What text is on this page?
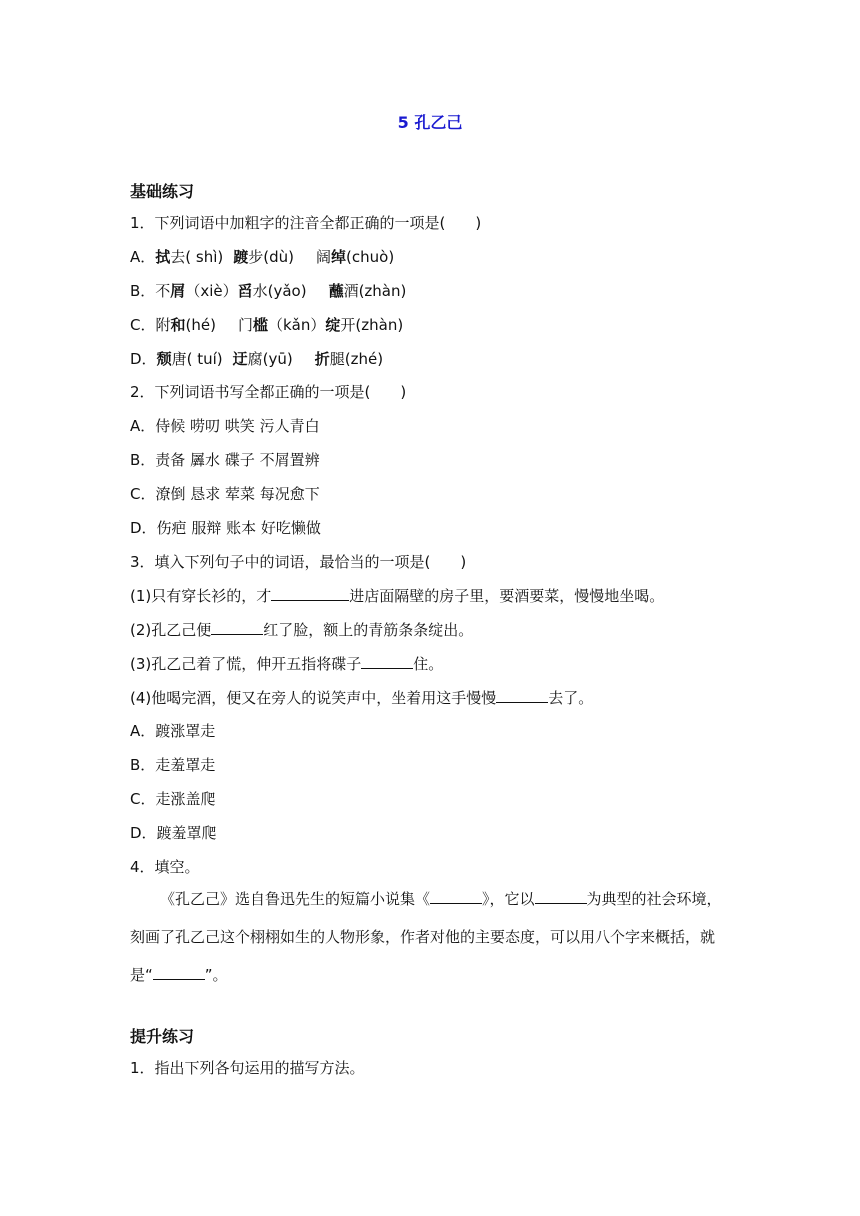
5 孔乙己
基础练习
1．下列词语中加粗字的注音全都正确的一项是(　　)
A．拭去( shì) 踱步(dù) 阔绰(chuò)
B．不屑（xiè）舀水(yǎo) 蘸酒(zhàn)
C．附和(hé) 门槛（kǎn）绽开(zhàn)
D．颓唐( tuí) 迂腐(yū) 折腿(zhé)
2．下列词语书写全都正确的一项是(　　)
A．侍候 唠叨 哄笑 污人青白
B．责备 羼水 碟子 不屑置辨
C．潦倒 恳求 荤菜 每况愈下
D．伤疤 服辩 账本 好吃懒做
3．填入下列句子中的词语，最恰当的一项是(　　)
(1)只有穿长衫的，才	进店面隔壁的房子里，要酒要菜，慢慢地坐喝。
(2)孔乙己便	红了脸，额上的青筋条条绽出。
(3)孔乙己着了慌，伸开五指将碟子	住。
(4)他喝完酒，便又在旁人的说笑声中，坐着用这手慢慢	去了。
A．踱涨罩走
B．走羞罩走
C．走涨盖爬
D．踱羞罩爬
4．填空。
《孔乙己》选自鲁迅先生的短篇小说集《	》，它以	为典型的社会环境，刻画了孔乙己这个栩栩如生的人物形象，作者对他的主要态度，可以用八个字来概括，就是“	”。
提升练习
1．指出下列各句运用的描写方法。
